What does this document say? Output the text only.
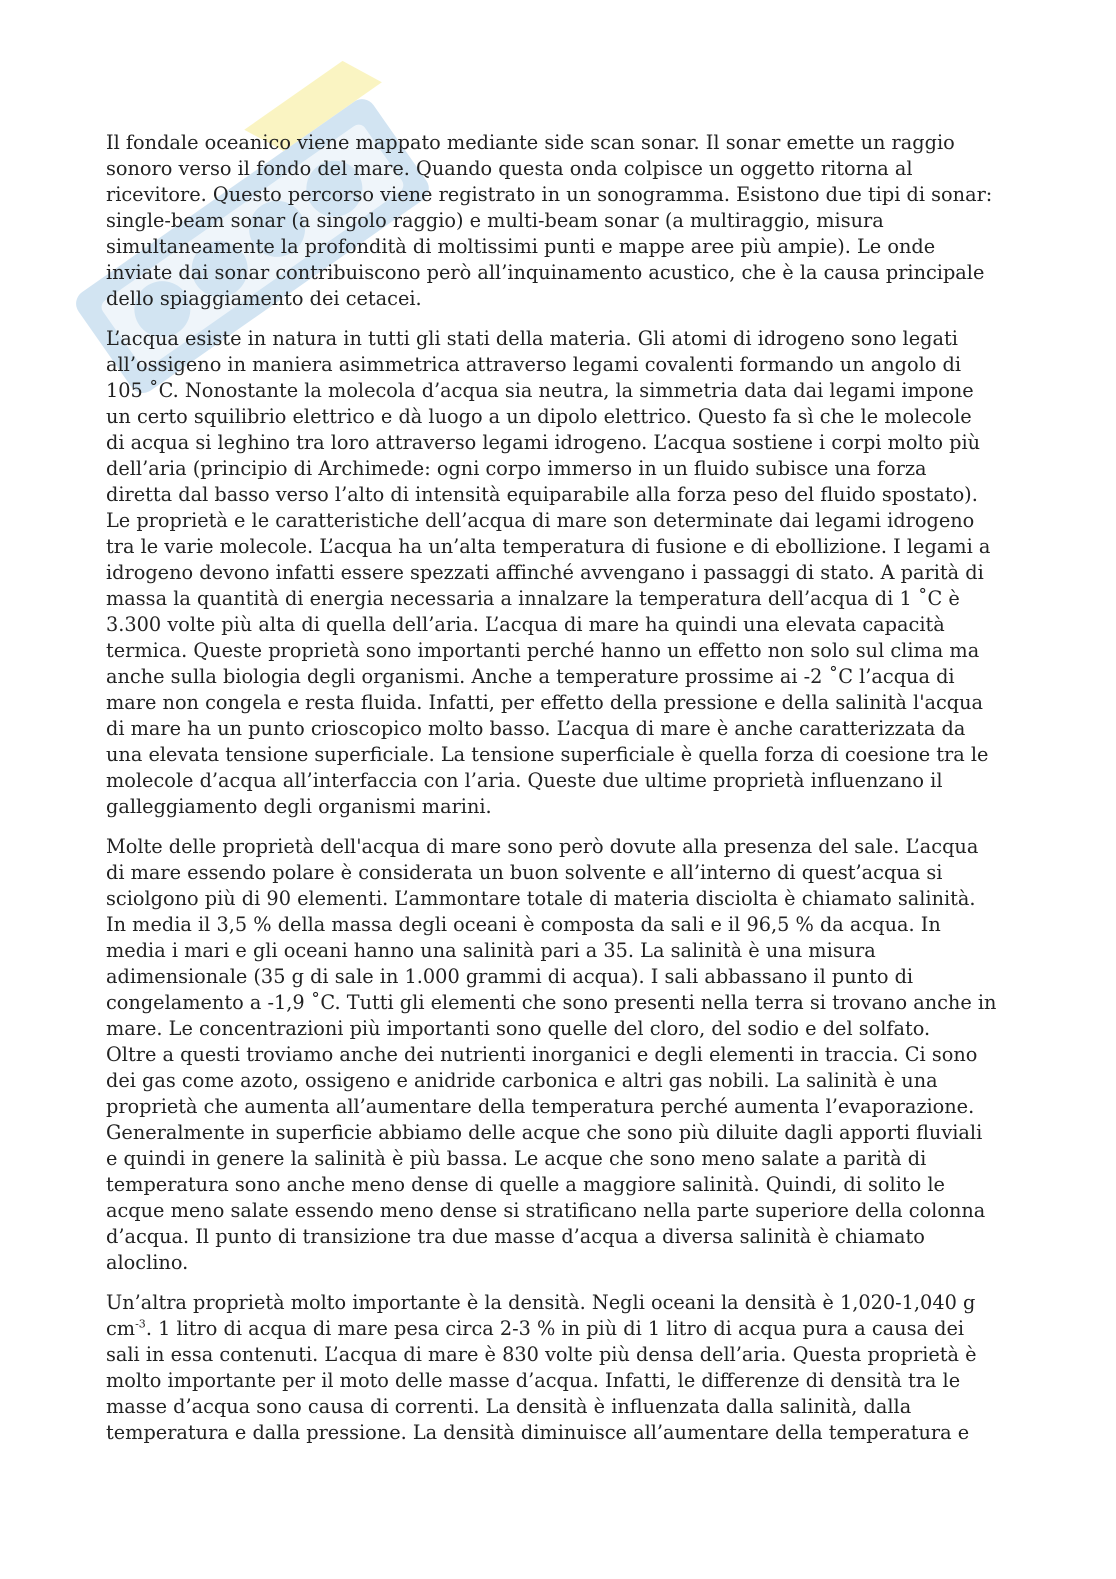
Il fondale oceanico viene mappato mediante side scan sonar. Il sonar emette un raggio
sonoro verso il fondo del mare. Quando questa onda colpisce un oggetto ritorna al
ricevitore. Questo percorso viene registrato in un sonogramma. Esistono due tipi di sonar:
single-beam sonar (a singolo raggio) e multi-beam sonar (a multiraggio, misura
simultaneamente la profondità di moltissimi punti e mappe aree più ampie). Le onde
inviate dai sonar contribuiscono però all’inquinamento acustico, che è la causa principale
dello spiaggiamento dei cetacei.

L’acqua esiste in natura in tutti gli stati della materia. Gli atomi di idrogeno sono legati
all’ossigeno in maniera asimmetrica attraverso legami covalenti formando un angolo di
105 ˚C. Nonostante la molecola d’acqua sia neutra, la simmetria data dai legami impone
un certo squilibrio elettrico e dà luogo a un dipolo elettrico. Questo fa sì che le molecole
di acqua si leghino tra loro attraverso legami idrogeno. L’acqua sostiene i corpi molto più
dell’aria (principio di Archimede: ogni corpo immerso in un fluido subisce una forza
diretta dal basso verso l’alto di intensità equiparabile alla forza peso del fluido spostato).
Le proprietà e le caratteristiche dell’acqua di mare son determinate dai legami idrogeno
tra le varie molecole. L’acqua ha un’alta temperatura di fusione e di ebollizione. I legami a
idrogeno devono infatti essere spezzati affinché avvengano i passaggi di stato. A parità di
massa la quantità di energia necessaria a innalzare la temperatura dell’acqua di 1 ˚C è
3.300 volte più alta di quella dell’aria. L’acqua di mare ha quindi una elevata capacità
termica. Queste proprietà sono importanti perché hanno un effetto non solo sul clima ma
anche sulla biologia degli organismi. Anche a temperature prossime ai -2 ˚C l’acqua di
mare non congela e resta fluida. Infatti, per effetto della pressione e della salinità l'acqua
di mare ha un punto crioscopico molto basso. L’acqua di mare è anche caratterizzata da
una elevata tensione superficiale. La tensione superficiale è quella forza di coesione tra le
molecole d’acqua all’interfaccia con l’aria. Queste due ultime proprietà influenzano il
galleggiamento degli organismi marini.

Molte delle proprietà dell'acqua di mare sono però dovute alla presenza del sale. L’acqua
di mare essendo polare è considerata un buon solvente e all’interno di quest’acqua si
sciolgono più di 90 elementi. L’ammontare totale di materia disciolta è chiamato salinità.
In media il 3,5 % della massa degli oceani è composta da sali e il 96,5 % da acqua. In
media i mari e gli oceani hanno una salinità pari a 35. La salinità è una misura
adimensionale (35 g di sale in 1.000 grammi di acqua). I sali abbassano il punto di
congelamento a -1,9 ˚C. Tutti gli elementi che sono presenti nella terra si trovano anche in
mare. Le concentrazioni più importanti sono quelle del cloro, del sodio e del solfato.
Oltre a questi troviamo anche dei nutrienti inorganici e degli elementi in traccia. Ci sono
dei gas come azoto, ossigeno e anidride carbonica e altri gas nobili. La salinità è una
proprietà che aumenta all’aumentare della temperatura perché aumenta l’evaporazione.
Generalmente in superficie abbiamo delle acque che sono più diluite dagli apporti fluviali
e quindi in genere la salinità è più bassa. Le acque che sono meno salate a parità di
temperatura sono anche meno dense di quelle a maggiore salinità. Quindi, di solito le
acque meno salate essendo meno dense si stratificano nella parte superiore della colonna
d’acqua. Il punto di transizione tra due masse d’acqua a diversa salinità è chiamato
aloclino.

Un’altra proprietà molto importante è la densità. Negli oceani la densità è 1,020-1,040 g
$cm^{-3}$. 1 litro di acqua di mare pesa circa 2-3 % in più di 1 litro di acqua pura a causa dei
sali in essa contenuti. L’acqua di mare è 830 volte più densa dell’aria. Questa proprietà è
molto importante per il moto delle masse d’acqua. Infatti, le differenze di densità tra le
masse d’acqua sono causa di correnti. La densità è influenzata dalla salinità, dalla
temperatura e dalla pressione. La densità diminuisce all’aumentare della temperatura e
